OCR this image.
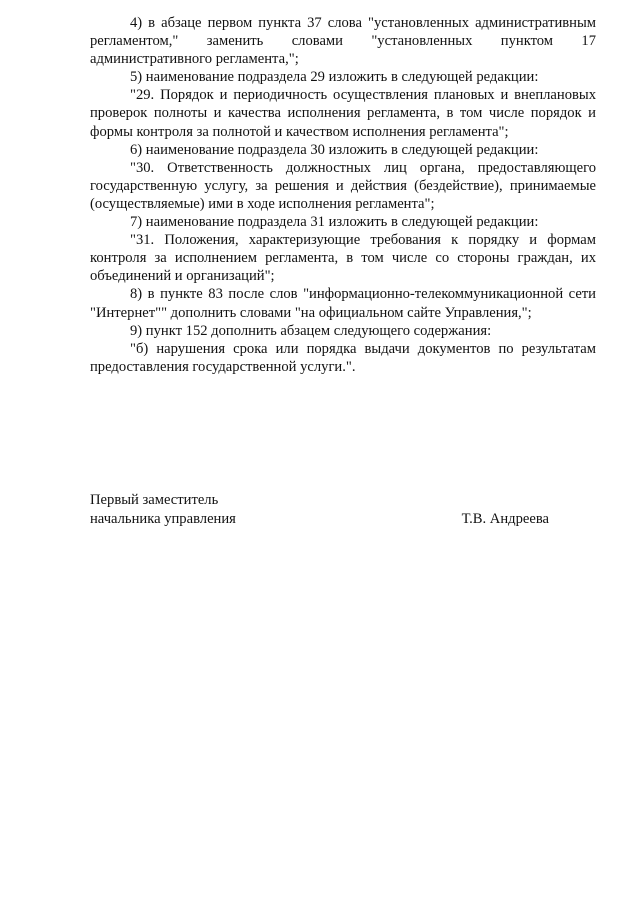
4) в абзаце первом пункта 37 слова "установленных административным регламентом," заменить словами "установленных пунктом 17 административного регламента,";

5) наименование подраздела 29 изложить в следующей редакции:

"29. Порядок и периодичность осуществления плановых и внеплановых проверок полноты и качества исполнения регламента, в том числе порядок и формы контроля за полнотой и качеством исполнения регламента";

6) наименование подраздела 30 изложить в следующей редакции:

"30. Ответственность должностных лиц органа, предоставляющего государственную услугу, за решения и действия (бездействие), принимаемые (осуществляемые) ими в ходе исполнения регламента";

7) наименование подраздела 31 изложить в следующей редакции:

"31. Положения, характеризующие требования к порядку и формам контроля за исполнением регламента, в том числе со стороны граждан, их объединений и организаций";

8) в пункте 83 после слов "информационно-телекоммуникационной сети "Интернет"" дополнить словами "на официальном сайте Управления,";

9) пункт 152 дополнить абзацем следующего содержания:

"б) нарушения срока или порядка выдачи документов по результатам предоставления государственной услуги.".

Первый заместитель
начальника управления	Т.В. Андреева
